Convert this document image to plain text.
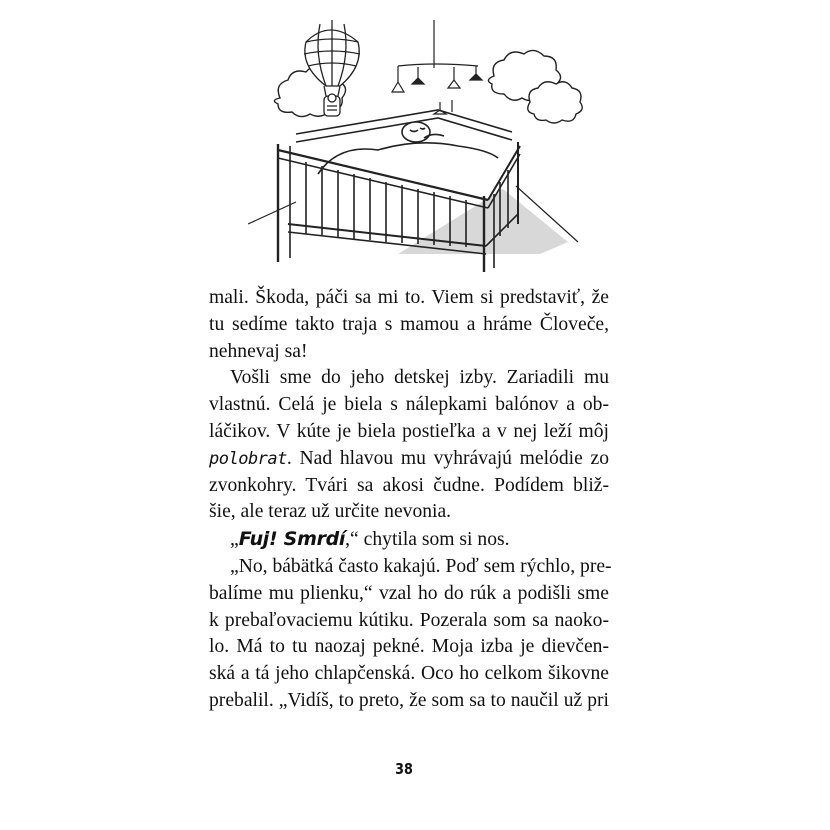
mali. Škoda, páči sa mi to. Viem si predstaviť, že
tu sedíme takto traja s mamou a hráme Človeče,
nehnevaj sa!
Vošli sme do jeho detskej izby. Zariadili mu
vlastnú. Celá je biela s nálepkami balónov a ob-
láčikov. V kúte je biela postieľka a v nej leží môj
polobrat. Nad hlavou mu vyhrávajú melódie zo
zvonkohry. Tvári sa akosi čudne. Podídem bliž-
šie, ale teraz už určite nevonia.
„Fuj! Smrdí,“ chytila som si nos.
„No, bábätká často kakajú. Poď sem rýchlo, pre-
balíme mu plienku,“ vzal ho do rúk a podišli sme
k prebaľovaciemu kútiku. Pozerala som sa naoko-
lo. Má to tu naozaj pekné. Moja izba je dievčen-
ská a tá jeho chlapčenská. Oco ho celkom šikovne
prebalil. „Vidíš, to preto, že som sa to naučil už pri
38
